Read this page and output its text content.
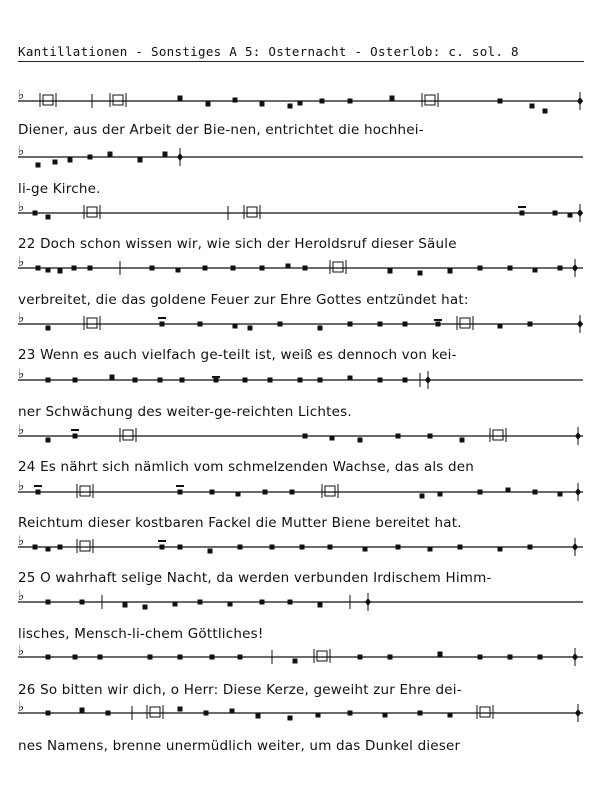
Kantillationen - Sonstiges A 5: Osternacht - Osterlob: c. sol. 8
♭
♭
♭
♭
♭
♭
♭
♭
♭
♭
♭
♭
Diener, aus der Arbeit der Bie-nen, entrichtet die hochhei-
li-ge Kirche.
22 Doch schon wissen wir, wie sich der Heroldsruf dieser Säule
verbreitet, die das goldene Feuer zur Ehre Gottes entzündet hat:
23 Wenn es auch vielfach ge-teilt ist, weiß es dennoch von kei-
ner Schwächung des weiter-ge-reichten Lichtes.
24 Es nährt sich nämlich vom schmelzenden Wachse, das als den
Reichtum dieser kostbaren Fackel die Mutter Biene bereitet hat.
25 O wahrhaft selige Nacht, da werden verbunden Irdischem Himm-
lisches, Mensch-li-chem Göttliches!
26 So bitten wir dich, o Herr: Diese Kerze, geweiht zur Ehre dei-
nes Namens, brenne unermüdlich weiter, um das Dunkel dieser
